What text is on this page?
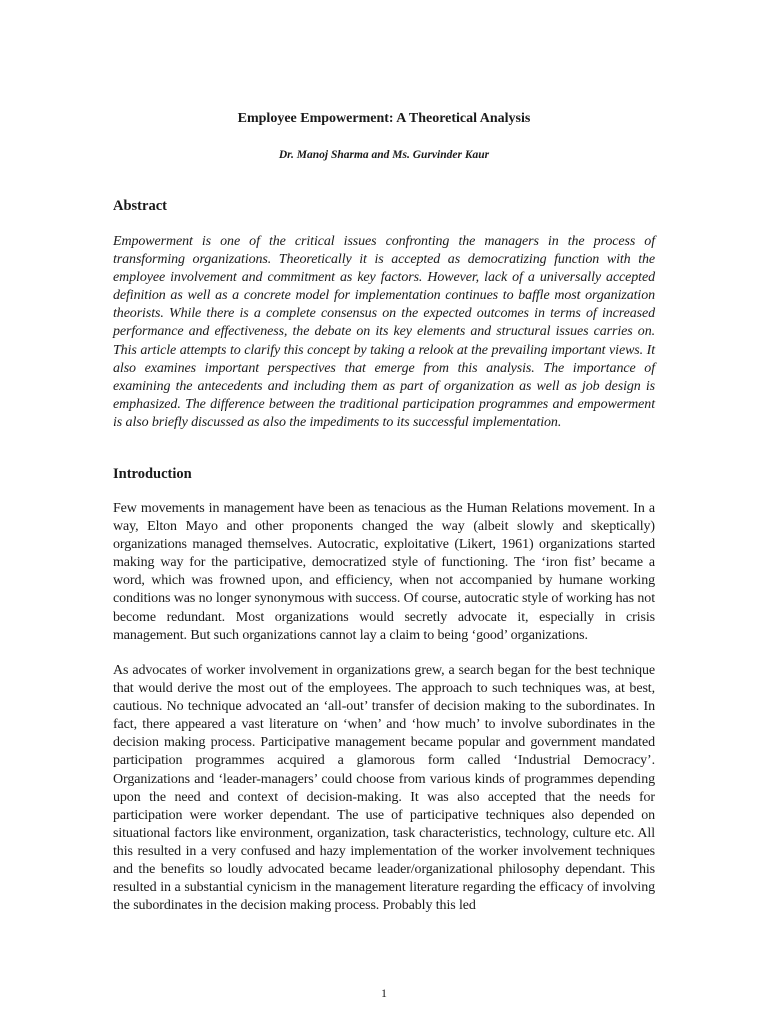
Employee Empowerment: A Theoretical Analysis
Dr. Manoj Sharma and Ms. Gurvinder Kaur
Abstract

Empowerment is one of the critical issues confronting the managers in the process of transforming organizations. Theoretically it is accepted as democratizing function with the employee involvement and commitment as key factors. However, lack of a universally accepted definition as well as a concrete model for implementation continues to baffle most organization theorists. While there is a complete consensus on the expected outcomes in terms of increased performance and effectiveness, the debate on its key elements and structural issues carries on. This article attempts to clarify this concept by taking a relook at the prevailing important views. It also examines important perspectives that emerge from this analysis. The importance of examining the antecedents and including them as part of organization as well as job design is emphasized. The difference between the traditional participation programmes and empowerment is also briefly discussed as also the impediments to its successful implementation.

Introduction

Few movements in management have been as tenacious as the Human Relations movement. In a way, Elton Mayo and other proponents changed the way (albeit slowly and skeptically) organizations managed themselves. Autocratic, exploitative (Likert, 1961) organizations started making way for the participative, democratized style of functioning. The ‘iron fist’ became a word, which was frowned upon, and efficiency, when not accompanied by humane working conditions was no longer synonymous with success. Of course, autocratic style of working has not become redundant. Most organizations would secretly advocate it, especially in crisis management. But such organizations cannot lay a claim to being ‘good’ organizations.

As advocates of worker involvement in organizations grew, a search began for the best technique that would derive the most out of the employees. The approach to such techniques was, at best, cautious. No technique advocated an ‘all-out’ transfer of decision making to the subordinates. In fact, there appeared a vast literature on ‘when’ and ‘how much’ to involve subordinates in the decision making process. Participative management became popular and government mandated participation programmes acquired a glamorous form called ‘Industrial Democracy’. Organizations and ‘leader-managers’ could choose from various kinds of programmes depending upon the need and context of decision-making. It was also accepted that the needs for participation were worker dependant. The use of participative techniques also depended on situational factors like environment, organization, task characteristics, technology, culture etc. All this resulted in a very confused and hazy implementation of the worker involvement techniques and the benefits so loudly advocated became leader/organizational philosophy dependant. This resulted in a substantial cynicism in the management literature regarding the efficacy of involving the subordinates in the decision making process. Probably this led

1
